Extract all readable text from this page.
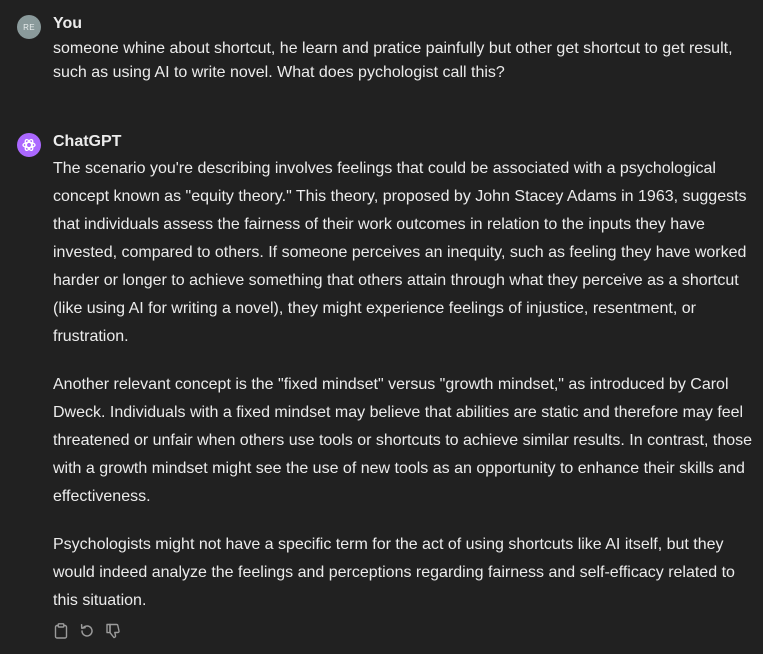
RE You
someone whine about shortcut, he learn and pratice painfully but other get shortcut to get result, such as using AI to write novel. What does pychologist call this?
ChatGPT

The scenario you're describing involves feelings that could be associated with a psychological concept known as "equity theory." This theory, proposed by John Stacey Adams in 1963, suggests that individuals assess the fairness of their work outcomes in relation to the inputs they have invested, compared to others. If someone perceives an inequity, such as feeling they have worked harder or longer to achieve something that others attain through what they perceive as a shortcut (like using AI for writing a novel), they might experience feelings of injustice, resentment, or frustration.

Another relevant concept is the "fixed mindset" versus "growth mindset," as introduced by Carol Dweck. Individuals with a fixed mindset may believe that abilities are static and therefore may feel threatened or unfair when others use tools or shortcuts to achieve similar results. In contrast, those with a growth mindset might see the use of new tools as an opportunity to enhance their skills and effectiveness.

Psychologists might not have a specific term for the act of using shortcuts like AI itself, but they would indeed analyze the feelings and perceptions regarding fairness and self-efficacy related to this situation.
